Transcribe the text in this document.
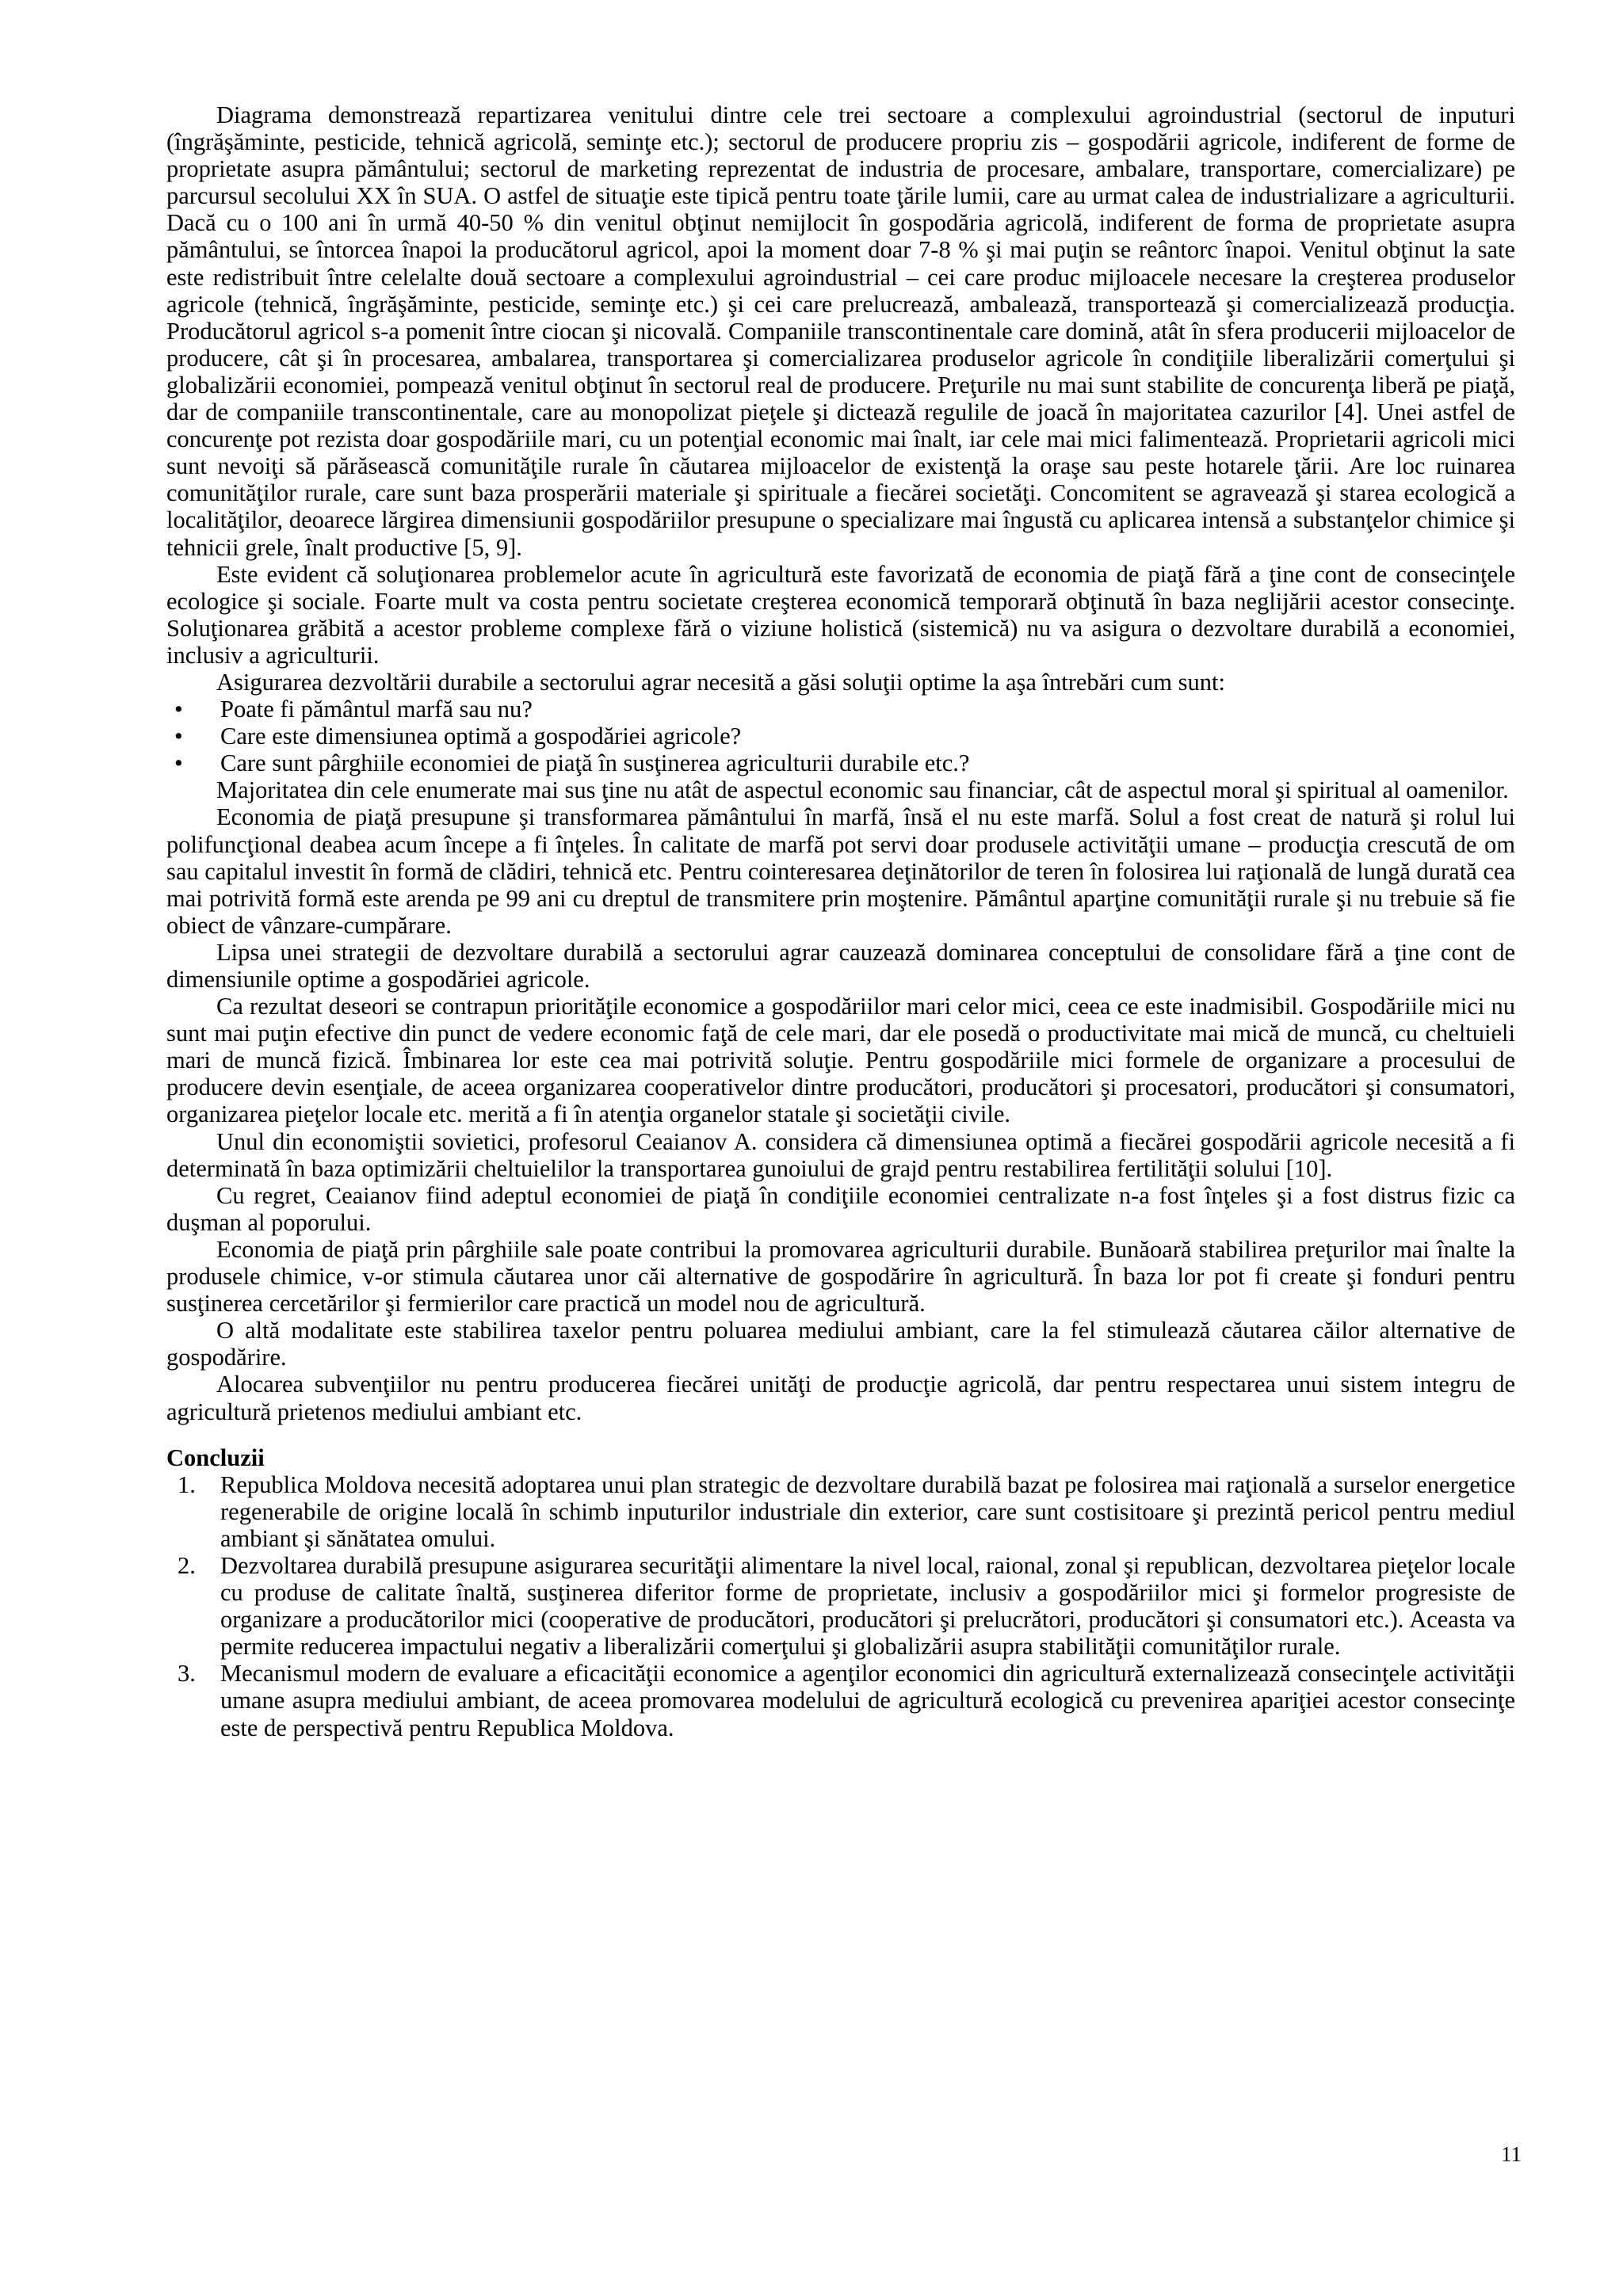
Diagrama demonstrează repartizarea venitului dintre cele trei sectoare a complexului agroindustrial (sectorul de inputuri (îngrăşăminte, pesticide, tehnică agricolă, seminţe etc.); sectorul de producere propriu zis – gospodării agricole, indiferent de forme de proprietate asupra pământului; sectorul de marketing reprezentat de industria de procesare, ambalare, transportare, comercializare) pe parcursul secolului XX în SUA. O astfel de situaţie este tipică pentru toate ţările lumii, care au urmat calea de industrializare a agriculturii. Dacă cu o 100 ani în urmă 40-50 % din venitul obţinut nemijlocit în gospodăria agricolă, indiferent de forma de proprietate asupra pământului, se întorcea înapoi la producătorul agricol, apoi la moment doar 7-8 % şi mai puţin se reântorc înapoi. Venitul obţinut la sate este redistribuit între celelalte două sectoare a complexului agroindustrial – cei care produc mijloacele necesare la creşterea produselor agricole (tehnică, îngrăşăminte, pesticide, seminţe etc.) şi cei care prelucrează, ambalează, transportează şi comercializează producţia. Producătorul agricol s-a pomenit între ciocan şi nicovală. Companiile transcontinentale care domină, atât în sfera producerii mijloacelor de producere, cât şi în procesarea, ambalarea, transportarea şi comercializarea produselor agricole în condiţiile liberalizării comerţului şi globalizării economiei, pompează venitul obţinut în sectorul real de producere. Preţurile nu mai sunt stabilite de concurenţa liberă pe piaţă, dar de companiile transcontinentale, care au monopolizat pieţele şi dictează regulile de joacă în majoritatea cazurilor [4]. Unei astfel de concurenţe pot rezista doar gospodăriile mari, cu un potenţial economic mai înalt, iar cele mai mici falimentează. Proprietarii agricoli mici sunt nevoiţi să părăsească comunităţile rurale în căutarea mijloacelor de existenţă la oraşe sau peste hotarele ţării. Are loc ruinarea comunităţilor rurale, care sunt baza prosperării materiale şi spirituale a fiecărei societăţi. Concomitent se agravează şi starea ecologică a localităţilor, deoarece lărgirea dimensiunii gospodăriilor presupune o specializare mai îngustă cu aplicarea intensă a substanţelor chimice şi tehnicii grele, înalt productive [5, 9].

Este evident că soluţionarea problemelor acute în agricultură este favorizată de economia de piaţă fără a ţine cont de consecinţele ecologice şi sociale. Foarte mult va costa pentru societate creşterea economică temporară obţinută în baza neglijării acestor consecinţe. Soluţionarea grăbită a acestor probleme complexe fără o viziune holistică (sistemică) nu va asigura o dezvoltare durabilă a economiei, inclusiv a agriculturii.

Asigurarea dezvoltării durabile a sectorului agrar necesită a găsi soluţii optime la aşa întrebări cum sunt:

• Poate fi pământul marfă sau nu?
• Care este dimensiunea optimă a gospodăriei agricole?
• Care sunt pârghiile economiei de piaţă în susţinerea agriculturii durabile etc.?

Majoritatea din cele enumerate mai sus ţine nu atât de aspectul economic sau financiar, cât de aspectul moral şi spiritual al oamenilor.

Economia de piaţă presupune şi transformarea pământului în marfă, însă el nu este marfă. Solul a fost creat de natură şi rolul lui polifuncţional deabea acum începe a fi înţeles. În calitate de marfă pot servi doar produsele activităţii umane – producţia crescută de om sau capitalul investit în formă de clădiri, tehnică etc. Pentru cointeresarea deţinătorilor de teren în folosirea lui raţională de lungă durată cea mai potrivită formă este arenda pe 99 ani cu dreptul de transmitere prin moştenire. Pământul aparţine comunităţii rurale şi nu trebuie să fie obiect de vânzare-cumpărare.

Lipsa unei strategii de dezvoltare durabilă a sectorului agrar cauzează dominarea conceptului de consolidare fără a ţine cont de dimensiunile optime a gospodăriei agricole.

Ca rezultat deseori se contrapun priorităţile economice a gospodăriilor mari celor mici, ceea ce este inadmisibil. Gospodăriile mici nu sunt mai puţin efective din punct de vedere economic faţă de cele mari, dar ele posedă o productivitate mai mică de muncă, cu cheltuieli mari de muncă fizică. Îmbinarea lor este cea mai potrivită soluţie. Pentru gospodăriile mici formele de organizare a procesului de producere devin esenţiale, de aceea organizarea cooperativelor dintre producători, producători şi procesatori, producători şi consumatori, organizarea pieţelor locale etc. merită a fi în atenţia organelor statale şi societăţii civile.

Unul din economiştii sovietici, profesorul Ceaianov A. considera că dimensiunea optimă a fiecărei gospodării agricole necesită a fi determinată în baza optimizării cheltuielilor la transportarea gunoiului de grajd pentru restabilirea fertilităţii solului [10].

Cu regret, Ceaianov fiind adeptul economiei de piaţă în condiţiile economiei centralizate n-a fost înţeles şi a fost distrus fizic ca duşman al poporului.

Economia de piaţă prin pârghiile sale poate contribui la promovarea agriculturii durabile. Bunăoară stabilirea preţurilor mai înalte la produsele chimice, v-or stimula căutarea unor căi alternative de gospodărire în agricultură. În baza lor pot fi create şi fonduri pentru susţinerea cercetărilor şi fermierilor care practică un model nou de agricultură.

O altă modalitate este stabilirea taxelor pentru poluarea mediului ambiant, care la fel stimulează căutarea căilor alternative de gospodărire.

Alocarea subvenţiilor nu pentru producerea fiecărei unităţi de producţie agricolă, dar pentru respectarea unui sistem integru de agricultură prietenos mediului ambiant etc.

Concluzii
1. Republica Moldova necesită adoptarea unui plan strategic de dezvoltare durabilă bazat pe folosirea mai raţională a surselor energetice regenerabile de origine locală în schimb inputurilor industriale din exterior, care sunt costisitoare şi prezintă pericol pentru mediul ambiant şi sănătatea omului.
2. Dezvoltarea durabilă presupune asigurarea securităţii alimentare la nivel local, raional, zonal şi republican, dezvoltarea pieţelor locale cu produse de calitate înaltă, susţinerea diferitor forme de proprietate, inclusiv a gospodăriilor mici şi formelor progresiste de organizare a producătorilor mici (cooperative de producători, producători şi prelucrători, producători şi consumatori etc.). Aceasta va permite reducerea impactului negativ a liberalizării comerţului şi globalizării asupra stabilităţii comunităţilor rurale.
3. Mecanismul modern de evaluare a eficacităţii economice a agenţilor economici din agricultură externalizează consecinţele activităţii umane asupra mediului ambiant, de aceea promovarea modelului de agricultură ecologică cu prevenirea apariţiei acestor consecinţe este de perspectivă pentru Republica Moldova.
11
